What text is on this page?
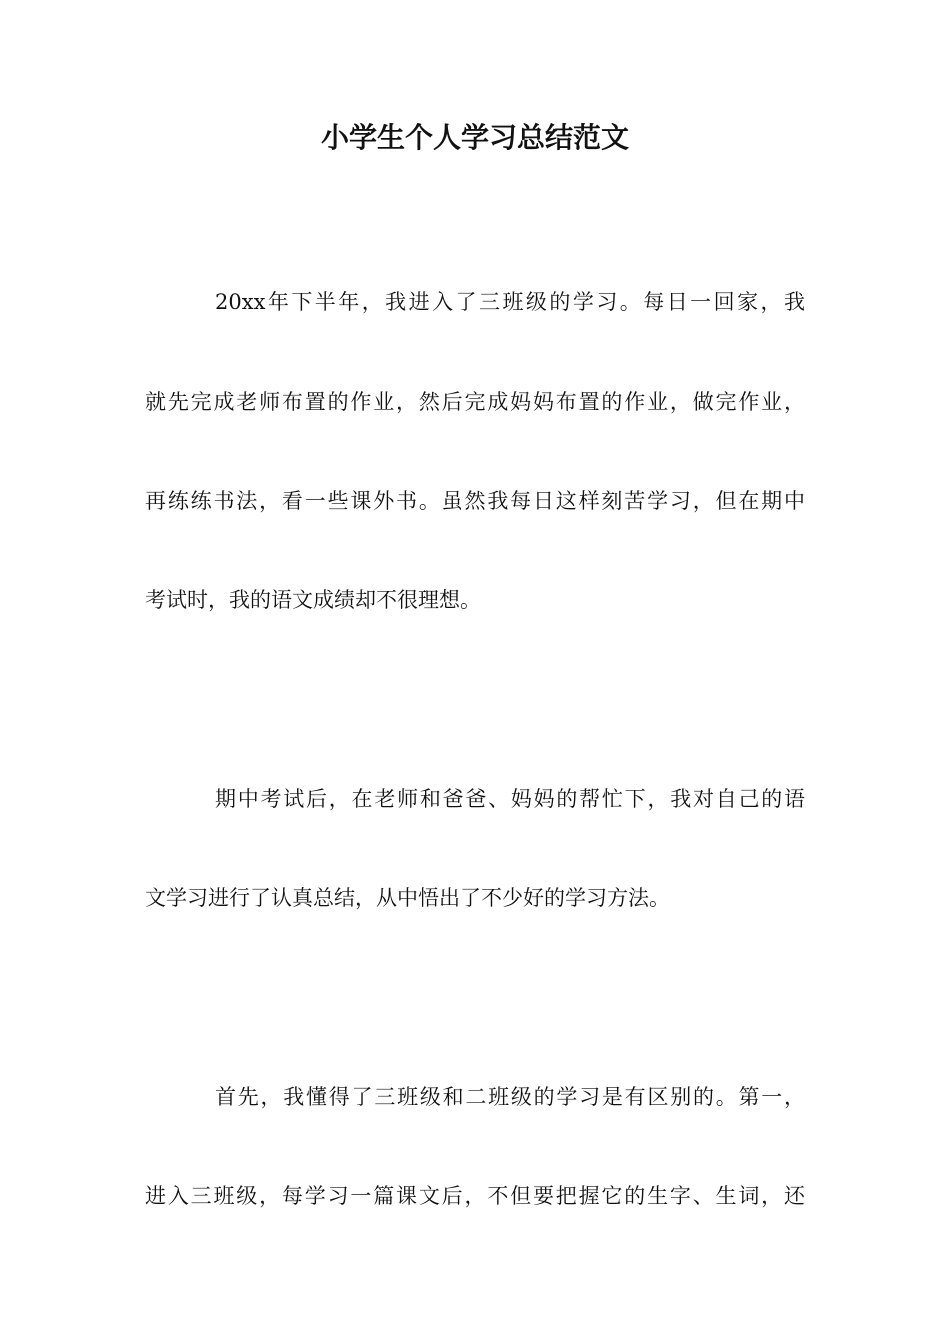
小学生个人学习总结范文
20xx年下半年，我进入了三班级的学习。每日一回家，我
就先完成老师布置的作业，然后完成妈妈布置的作业，做完作业，
再练练书法，看一些课外书。虽然我每日这样刻苦学习，但在期中
考试时，我的语文成绩却不很理想。
期中考试后，在老师和爸爸、妈妈的帮忙下，我对自己的语
文学习进行了认真总结，从中悟出了不少好的学习方法。
首先，我懂得了三班级和二班级的学习是有区别的。第一，
进入三班级，每学习一篇课文后，不但要把握它的生字、生词，还
